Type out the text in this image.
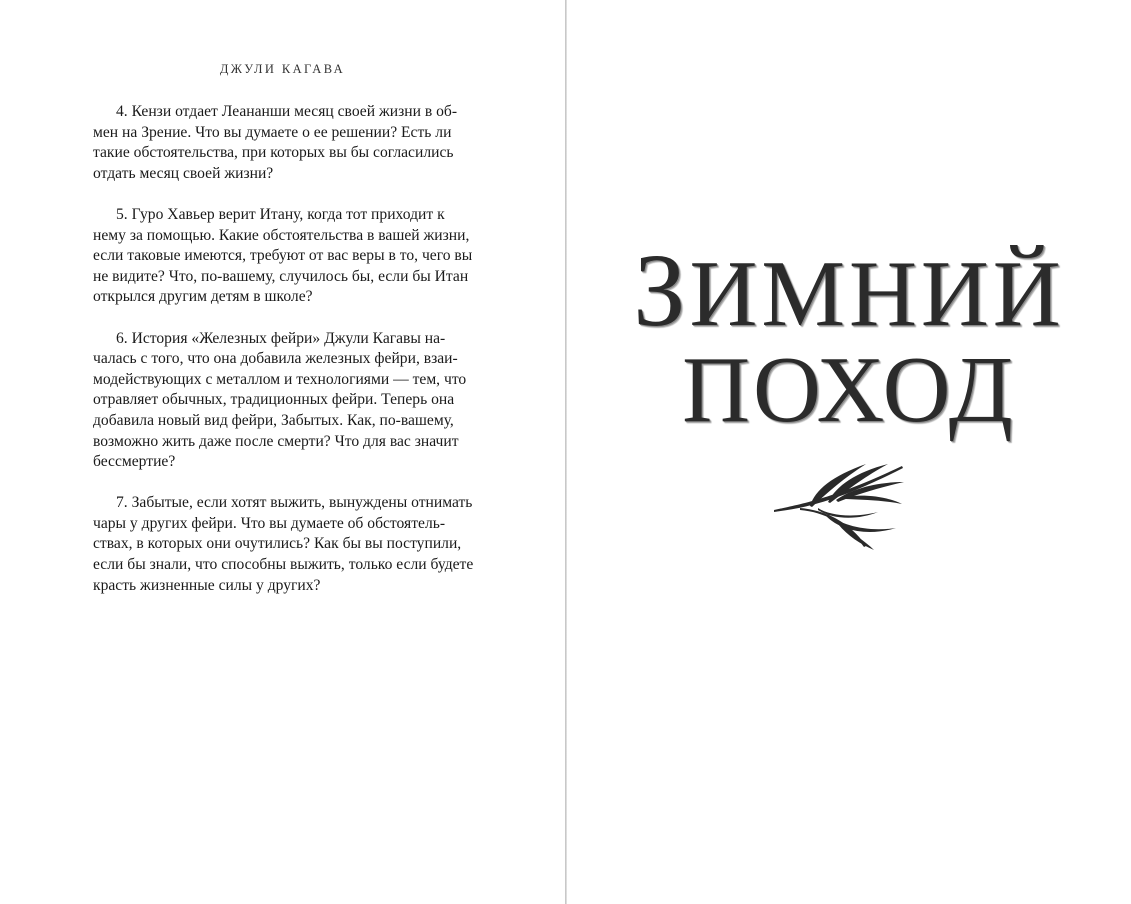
ДЖУЛИ КАГАВА

4. Кензи отдает Леананши месяц своей жизни в об-
мен на Зрение. Что вы думаете о ее решении? Есть ли
такие обстоятельства, при которых вы бы согласились
отдать месяц своей жизни?

5. Гуро Хавьер верит Итану, когда тот приходит к
нему за помощью. Какие обстоятельства в вашей жизни,
если таковые имеются, требуют от вас веры в то, чего вы
не видите? Что, по-вашему, случилось бы, если бы Итан
открылся другим детям в школе?

6. История «Железных фейри» Джули Кагавы на-
чалась с того, что она добавила железных фейри, взаи-
модействующих с металлом и технологиями — тем, что
отравляет обычных, традиционных фейри. Теперь она
добавила новый вид фейри, Забытых. Как, по-вашему,
возможно жить даже после смерти? Что для вас значит
бессмертие?

7. Забытые, если хотят выжить, вынуждены отнимать
чары у других фейри. Что вы думаете об обстоятель-
ствах, в которых они очутились? Как бы вы поступили,
если бы знали, что способны выжить, только если будете
красть жизненные силы у других?

ЗИМНИЙ
ПОХОД
